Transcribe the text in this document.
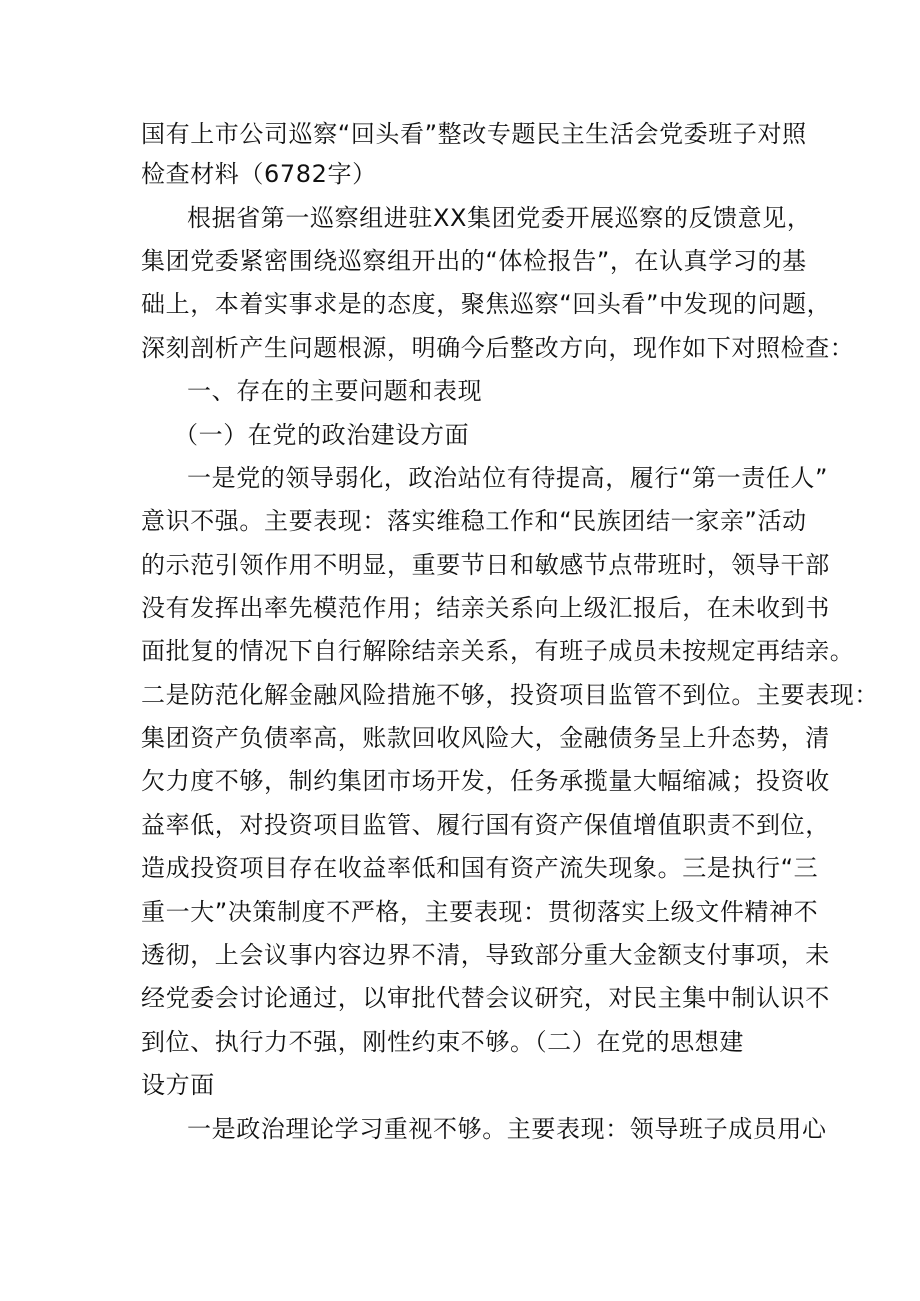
国有上市公司巡察“回头看”整改专题民主生活会党委班子对照
检查材料（6782字）
根据省第一巡察组进驻XX集团党委开展巡察的反馈意见，
集团党委紧密围绕巡察组开出的“体检报告”，在认真学习的基
础上，本着实事求是的态度，聚焦巡察“回头看”中发现的问题，
深刻剖析产生问题根源，明确今后整改方向，现作如下对照检查：
一、存在的主要问题和表现
（一）在党的政治建设方面
一是党的领导弱化，政治站位有待提高，履行“第一责任人”
意识不强。主要表现：落实维稳工作和“民族团结一家亲”活动
的示范引领作用不明显，重要节日和敏感节点带班时，领导干部
没有发挥出率先模范作用；结亲关系向上级汇报后，在未收到书
面批复的情况下自行解除结亲关系，有班子成员未按规定再结亲。
二是防范化解金融风险措施不够，投资项目监管不到位。主要表现：
集团资产负债率高，账款回收风险大，金融债务呈上升态势，清
欠力度不够，制约集团市场开发，任务承揽量大幅缩减；投资收
益率低，对投资项目监管、履行国有资产保值增值职责不到位，
造成投资项目存在收益率低和国有资产流失现象。三是执行“三
重一大”决策制度不严格，主要表现：贯彻落实上级文件精神不
透彻，上会议事内容边界不清，导致部分重大金额支付事项，未
经党委会讨论通过，以审批代替会议研究，对民主集中制认识不
到位、执行力不强，刚性约束不够。（二）在党的思想建
设方面
一是政治理论学习重视不够。主要表现：领导班子成员用心
